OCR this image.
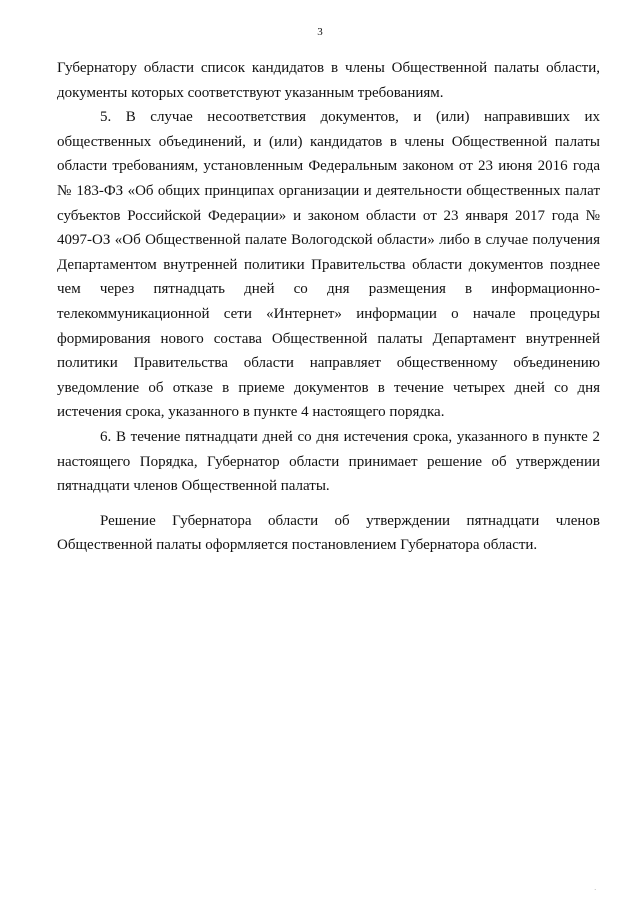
3
Губернатору области список кандидатов в члены Общественной палаты области,
документы которых соответствуют указанным требованиям.
5. В случае несоответствия документов, и (или) направивших их
общественных объединений, и (или) кандидатов в члены Общественной палаты
области требованиям, установленным Федеральным законом от 23 июня 2016 года
№ 183-ФЗ «Об общих принципах организации и деятельности общественных палат
субъектов Российской Федерации» и законом области от 23 января 2017 года №
4097-ОЗ «Об Общественной палате Вологодской области» либо в случае получения
Департаментом внутренней политики Правительства области документов позднее
чем через пятнадцать дней со дня размещения в информационно-
телекоммуникационной сети «Интернет» информации о начале процедуры
формирования нового состава Общественной палаты Департамент внутренней
политики Правительства области направляет общественному объединению
уведомление об отказе в приеме документов в течение четырех дней со дня
истечения срока, указанного в пункте 4 настоящего порядка.
6. В течение пятнадцати дней со дня истечения срока, указанного в пункте 2
настоящего Порядка, Губернатор области принимает решение об утверждении
пятнадцати членов Общественной палаты.
Решение Губернатора области об утверждении пятнадцати членов
Общественной палаты оформляется постановлением Губернатора области.
·
